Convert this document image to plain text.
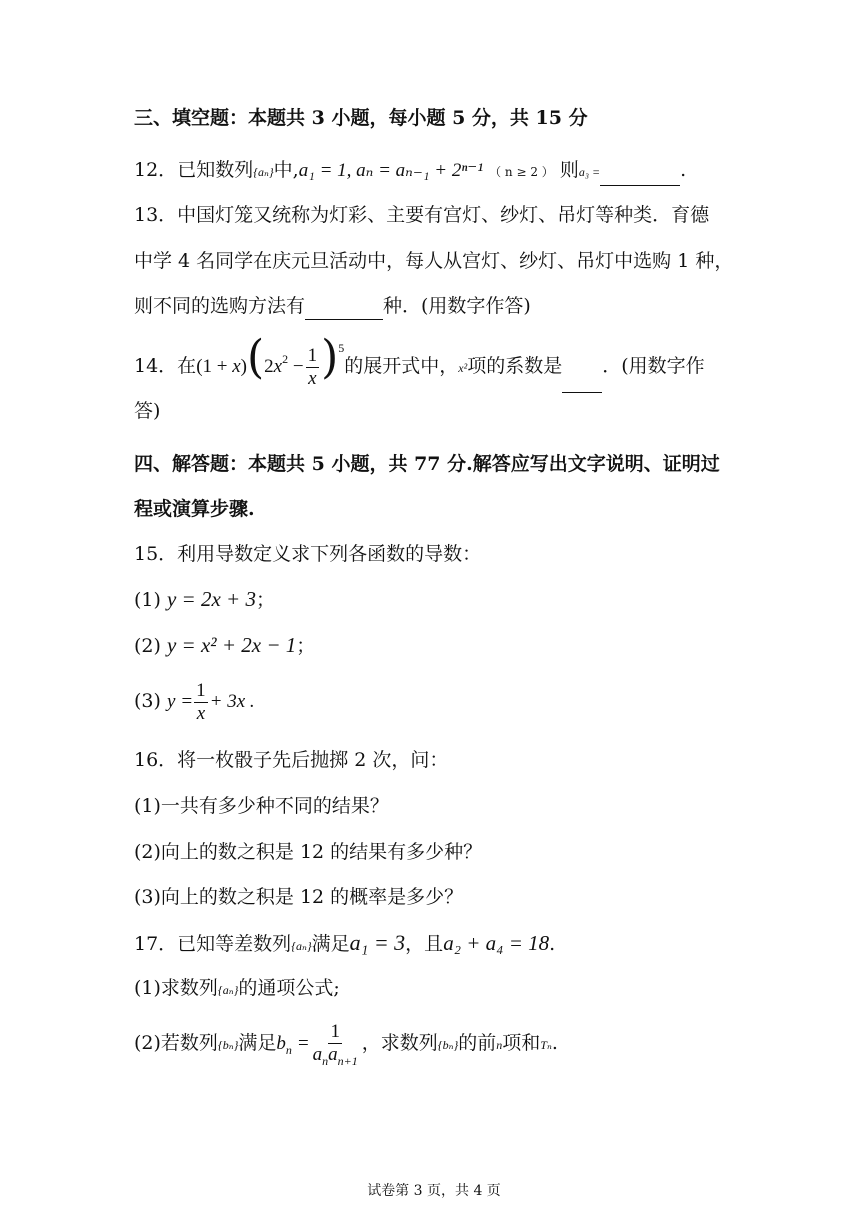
三、填空题：本题共 3 小题，每小题 5 分，共 15 分
12．已知数列{aₙ}中,a₁ = 1, aₙ = aₙ₋₁ + 2ⁿ⁻¹ （ n ≥ 2 ） 则a₃ =	.
13．中国灯笼又统称为灯彩、主要有宫灯、纱灯、吊灯等种类．育德
中学 4 名同学在庆元旦活动中，每人从宫灯、纱灯、吊灯中选购 1 种，
则不同的选购方法有	种．(用数字作答)
14．在$(1 + x)(2x^2 - \frac{1}{x} )^5$的展开式中，x²项的系数是 ．(用数字作
答)
四、解答题：本题共 5 小题，共 77 分.解答应写出文字说明、证明过
程或演算步骤.
15．利用导数定义求下列各函数的导数：
(1) y = 2x + 3；
(2) y = x² + 2x − 1；
(3) $y = \frac{1}{x} + 3x$ .
16．将一枚骰子先后抛掷 2 次，问：
(1)一共有多少种不同的结果？
(2)向上的数之积是 12 的结果有多少种？
(3)向上的数之积是 12 的概率是多少？
17．已知等差数列{aₙ}满足a₁ = 3，且a₂ + a₄ = 18.
(1)求数列{aₙ}的通项公式;
(2)若数列{bₙ}满足$b_n = \frac{1}{a_na_{n+1}}$ ，求数列{bₙ}的前n项和Tₙ.
试卷第 3 页，共 4 页
